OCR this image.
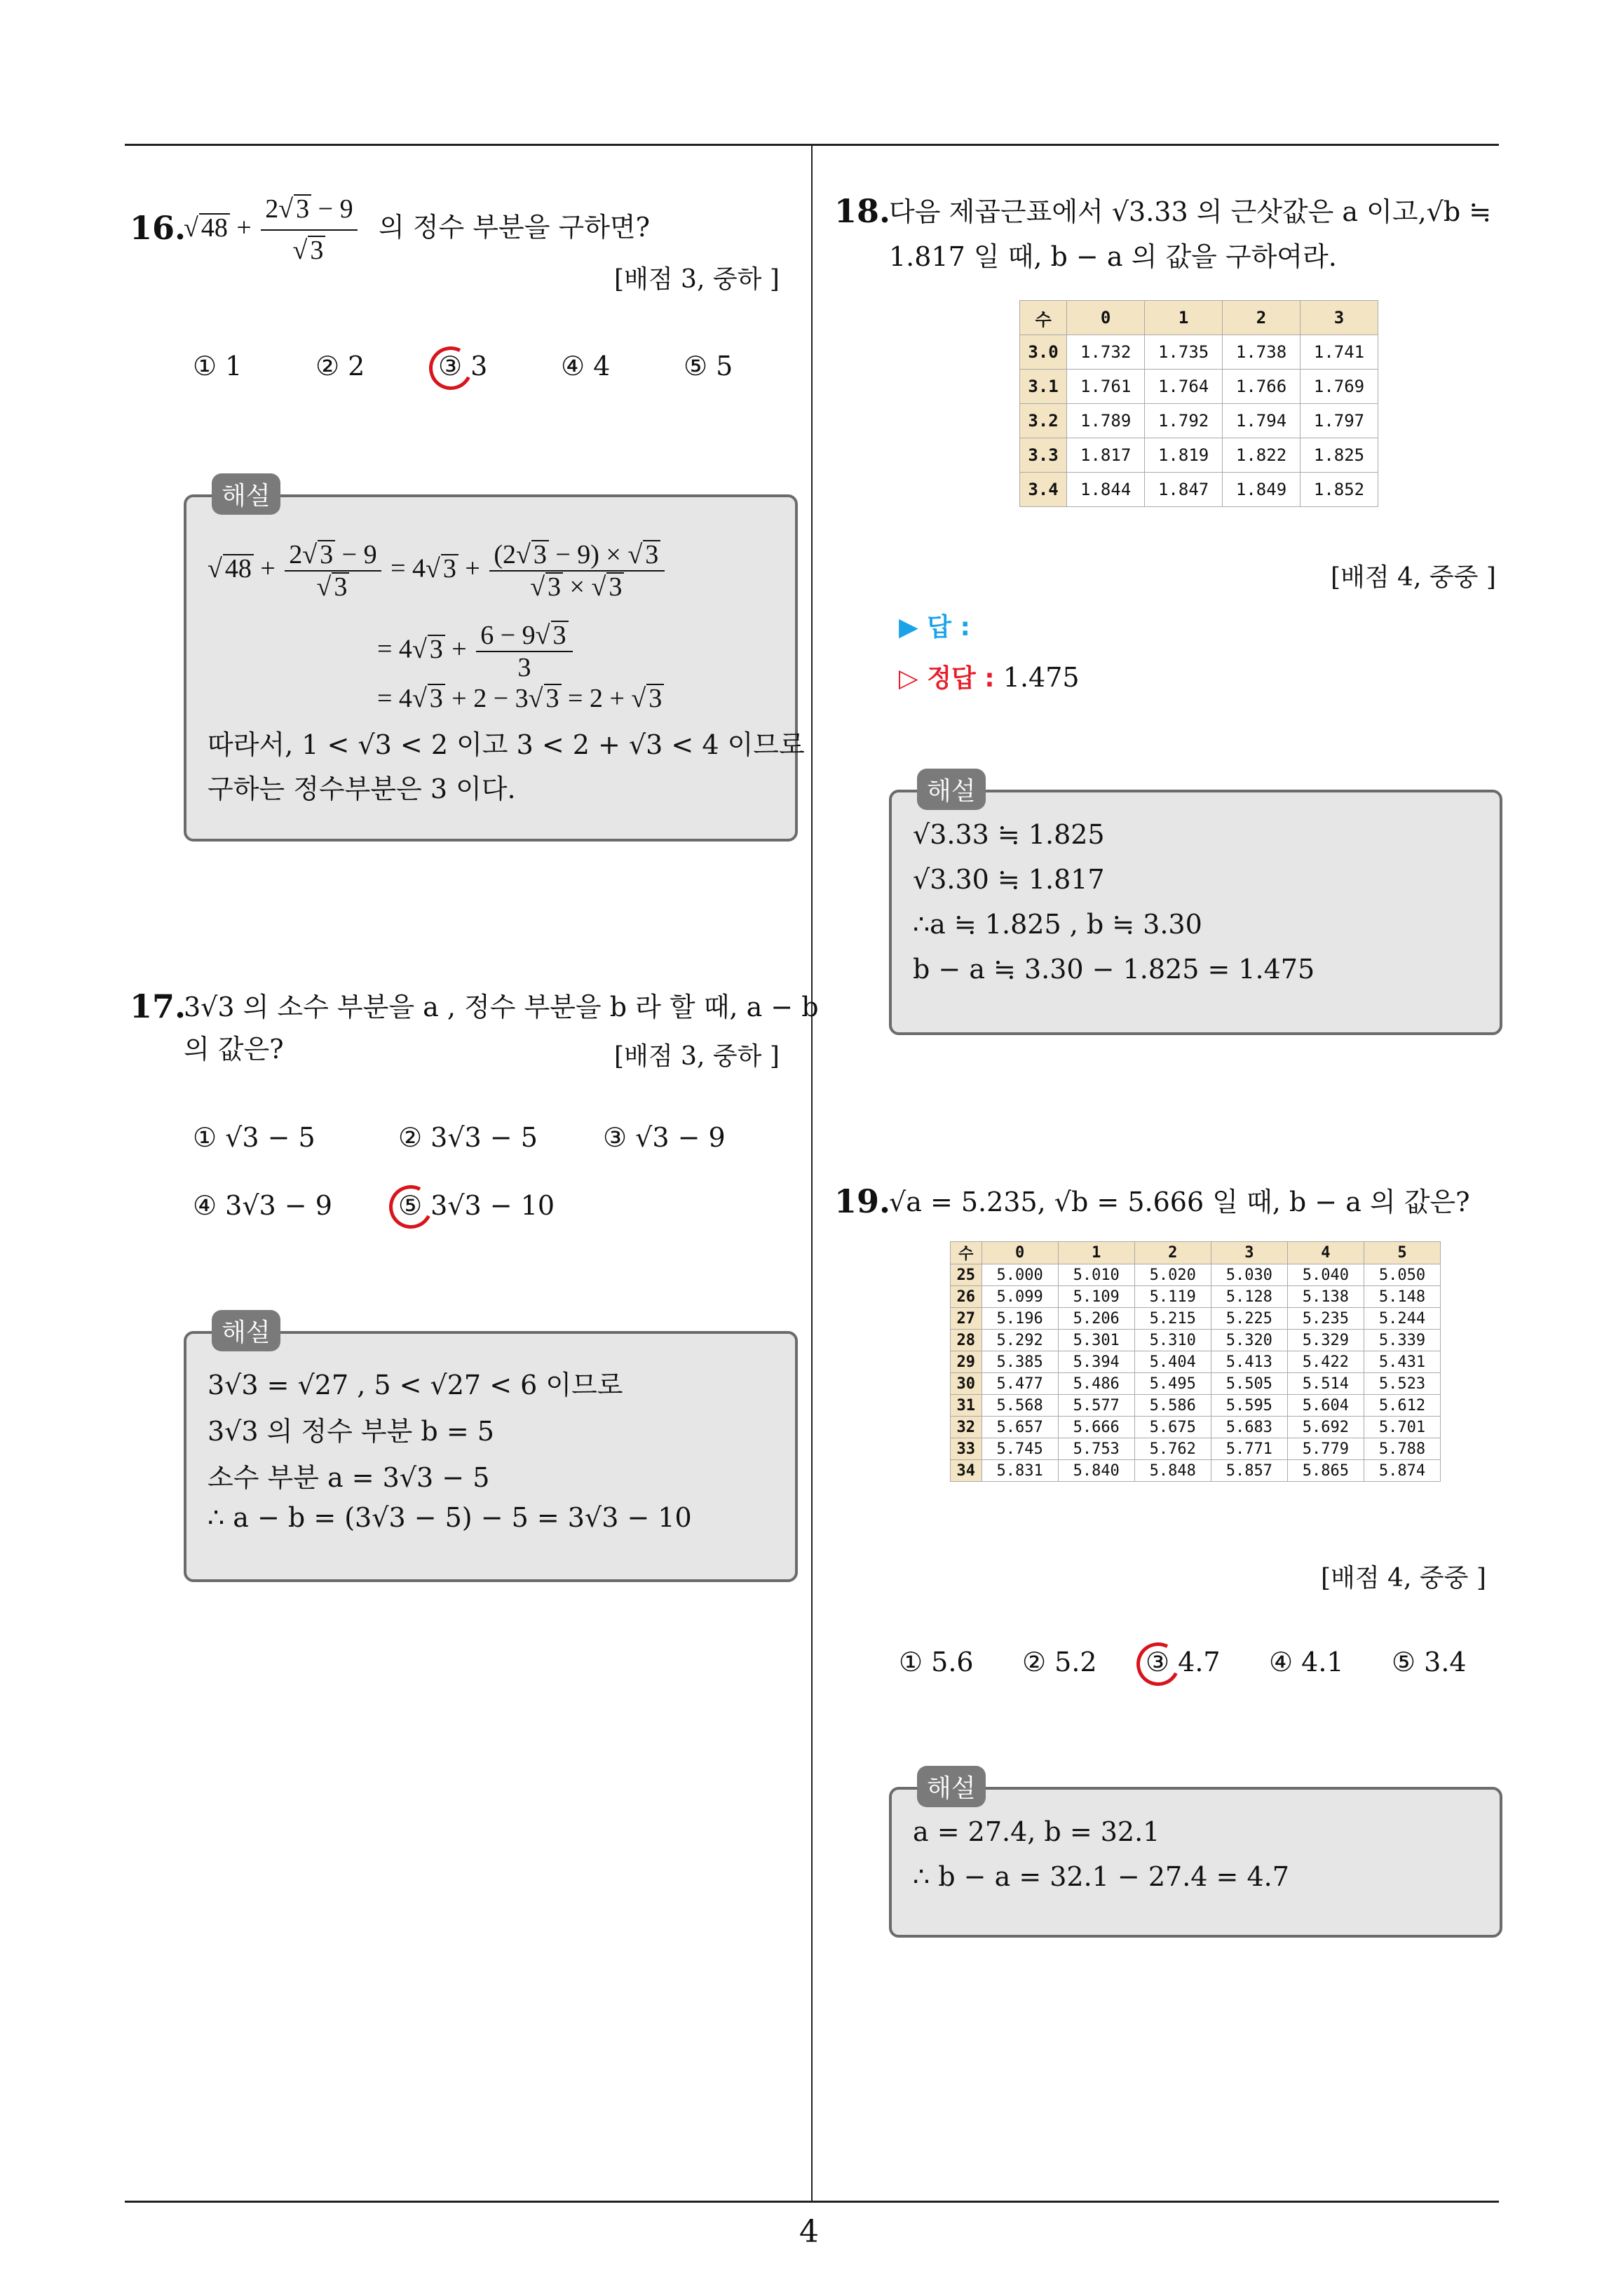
4
16. √ 48 + 2 √ 3 − 9
√ 3 의 정수 부분을 구하면?
[배점 3, 중하 ]
① 1	② 2	③ 3	④ 4	⑤ 5
해설
√ 48 + 2 √ 3 − 9
√ 3 = 4 √ 3 + (2 √ 3 − 9) × √ 3
√ 3 × √ 3
= 4 √ $3 + \frac{6 - 9 √ 3}{3}$
= 4 √ 3 + 2 − 3 √ 3 = 2 + √ 3
따라서, 1 < √3 < 2 이고 3 < 2 + √3 < 4 이므로
구하는 정수부분은 3 이다.
17.
3√3 의 소수 부분을 a , 정수 부분을 b 라 할 때, a − b
의 값은?	[배점 3, 중하 ]
① √3 − 5	② 3√3 − 5 ③ √3 − 9
④ 3√3 − 9 ⑤ 3√3 − 10
해설
3√3 = √27 , 5 < √27 < 6 이므로
3√3 의 정수 부분 b = 5
소수 부분 a = 3√3 − 5
∴ a − b = (3√3 − 5) − 5 = 3√3 − 10
18.
다음 제곱근표에서 √3.33 의 근삿값은 a 이고,√b ≒
1.817 일 때, b − a 의 값을 구하여라.
수	0	1	2	3
3.0	1.732	1.735	1.738	1.741
3.1	1.761	1.764	1.766	1.769
3.2	1.789	1.792	1.794	1.797
3.3	1.817	1.819	1.822	1.825
3.4	1.844	1.847	1.849	1.852
[배점 4, 중중 ]
▶ 답 :
▷ 정답 : 1.475
해설
√3.33 ≒ 1.825
√3.30 ≒ 1.817
∴a ≒ 1.825 , b ≒ 3.30
b − a ≒ 3.30 − 1.825 = 1.475
19.
√a = 5.235, √b = 5.666 일 때, b − a 의 값은?
수	0	1	2	3	4	5
25	5.000	5.010	5.020	5.030	5.040	5.050
26	5.099	5.109	5.119	5.128	5.138	5.148
27	5.196	5.206	5.215	5.225	5.235	5.244
28	5.292	5.301	5.310	5.320	5.329	5.339
29	5.385	5.394	5.404	5.413	5.422	5.431
30	5.477	5.486	5.495	5.505	5.514	5.523
31	5.568	5.577	5.586	5.595	5.604	5.612
32	5.657	5.666	5.675	5.683	5.692	5.701
33	5.745	5.753	5.762	5.771	5.779	5.788
34	5.831	5.840	5.848	5.857	5.865	5.874
[배점 4, 중중 ]
① 5.6 ② 5.2 ③ 4.7 ④ 4.1 ⑤ 3.4
해설
a = 27.4, b = 32.1
∴ b − a = 32.1 − 27.4 = 4.7
